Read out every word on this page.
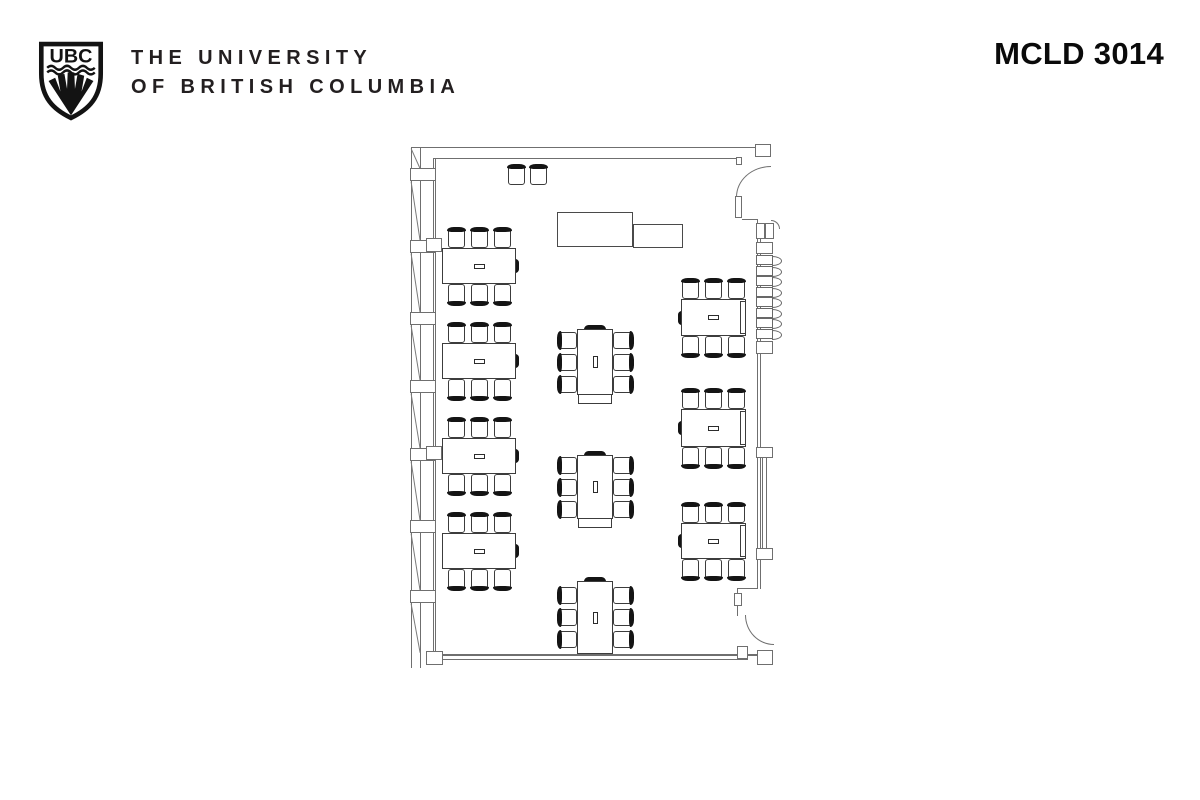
UBC THE UNIVERSITY
OF BRITISH COLUMBIA
MCLD 3014
